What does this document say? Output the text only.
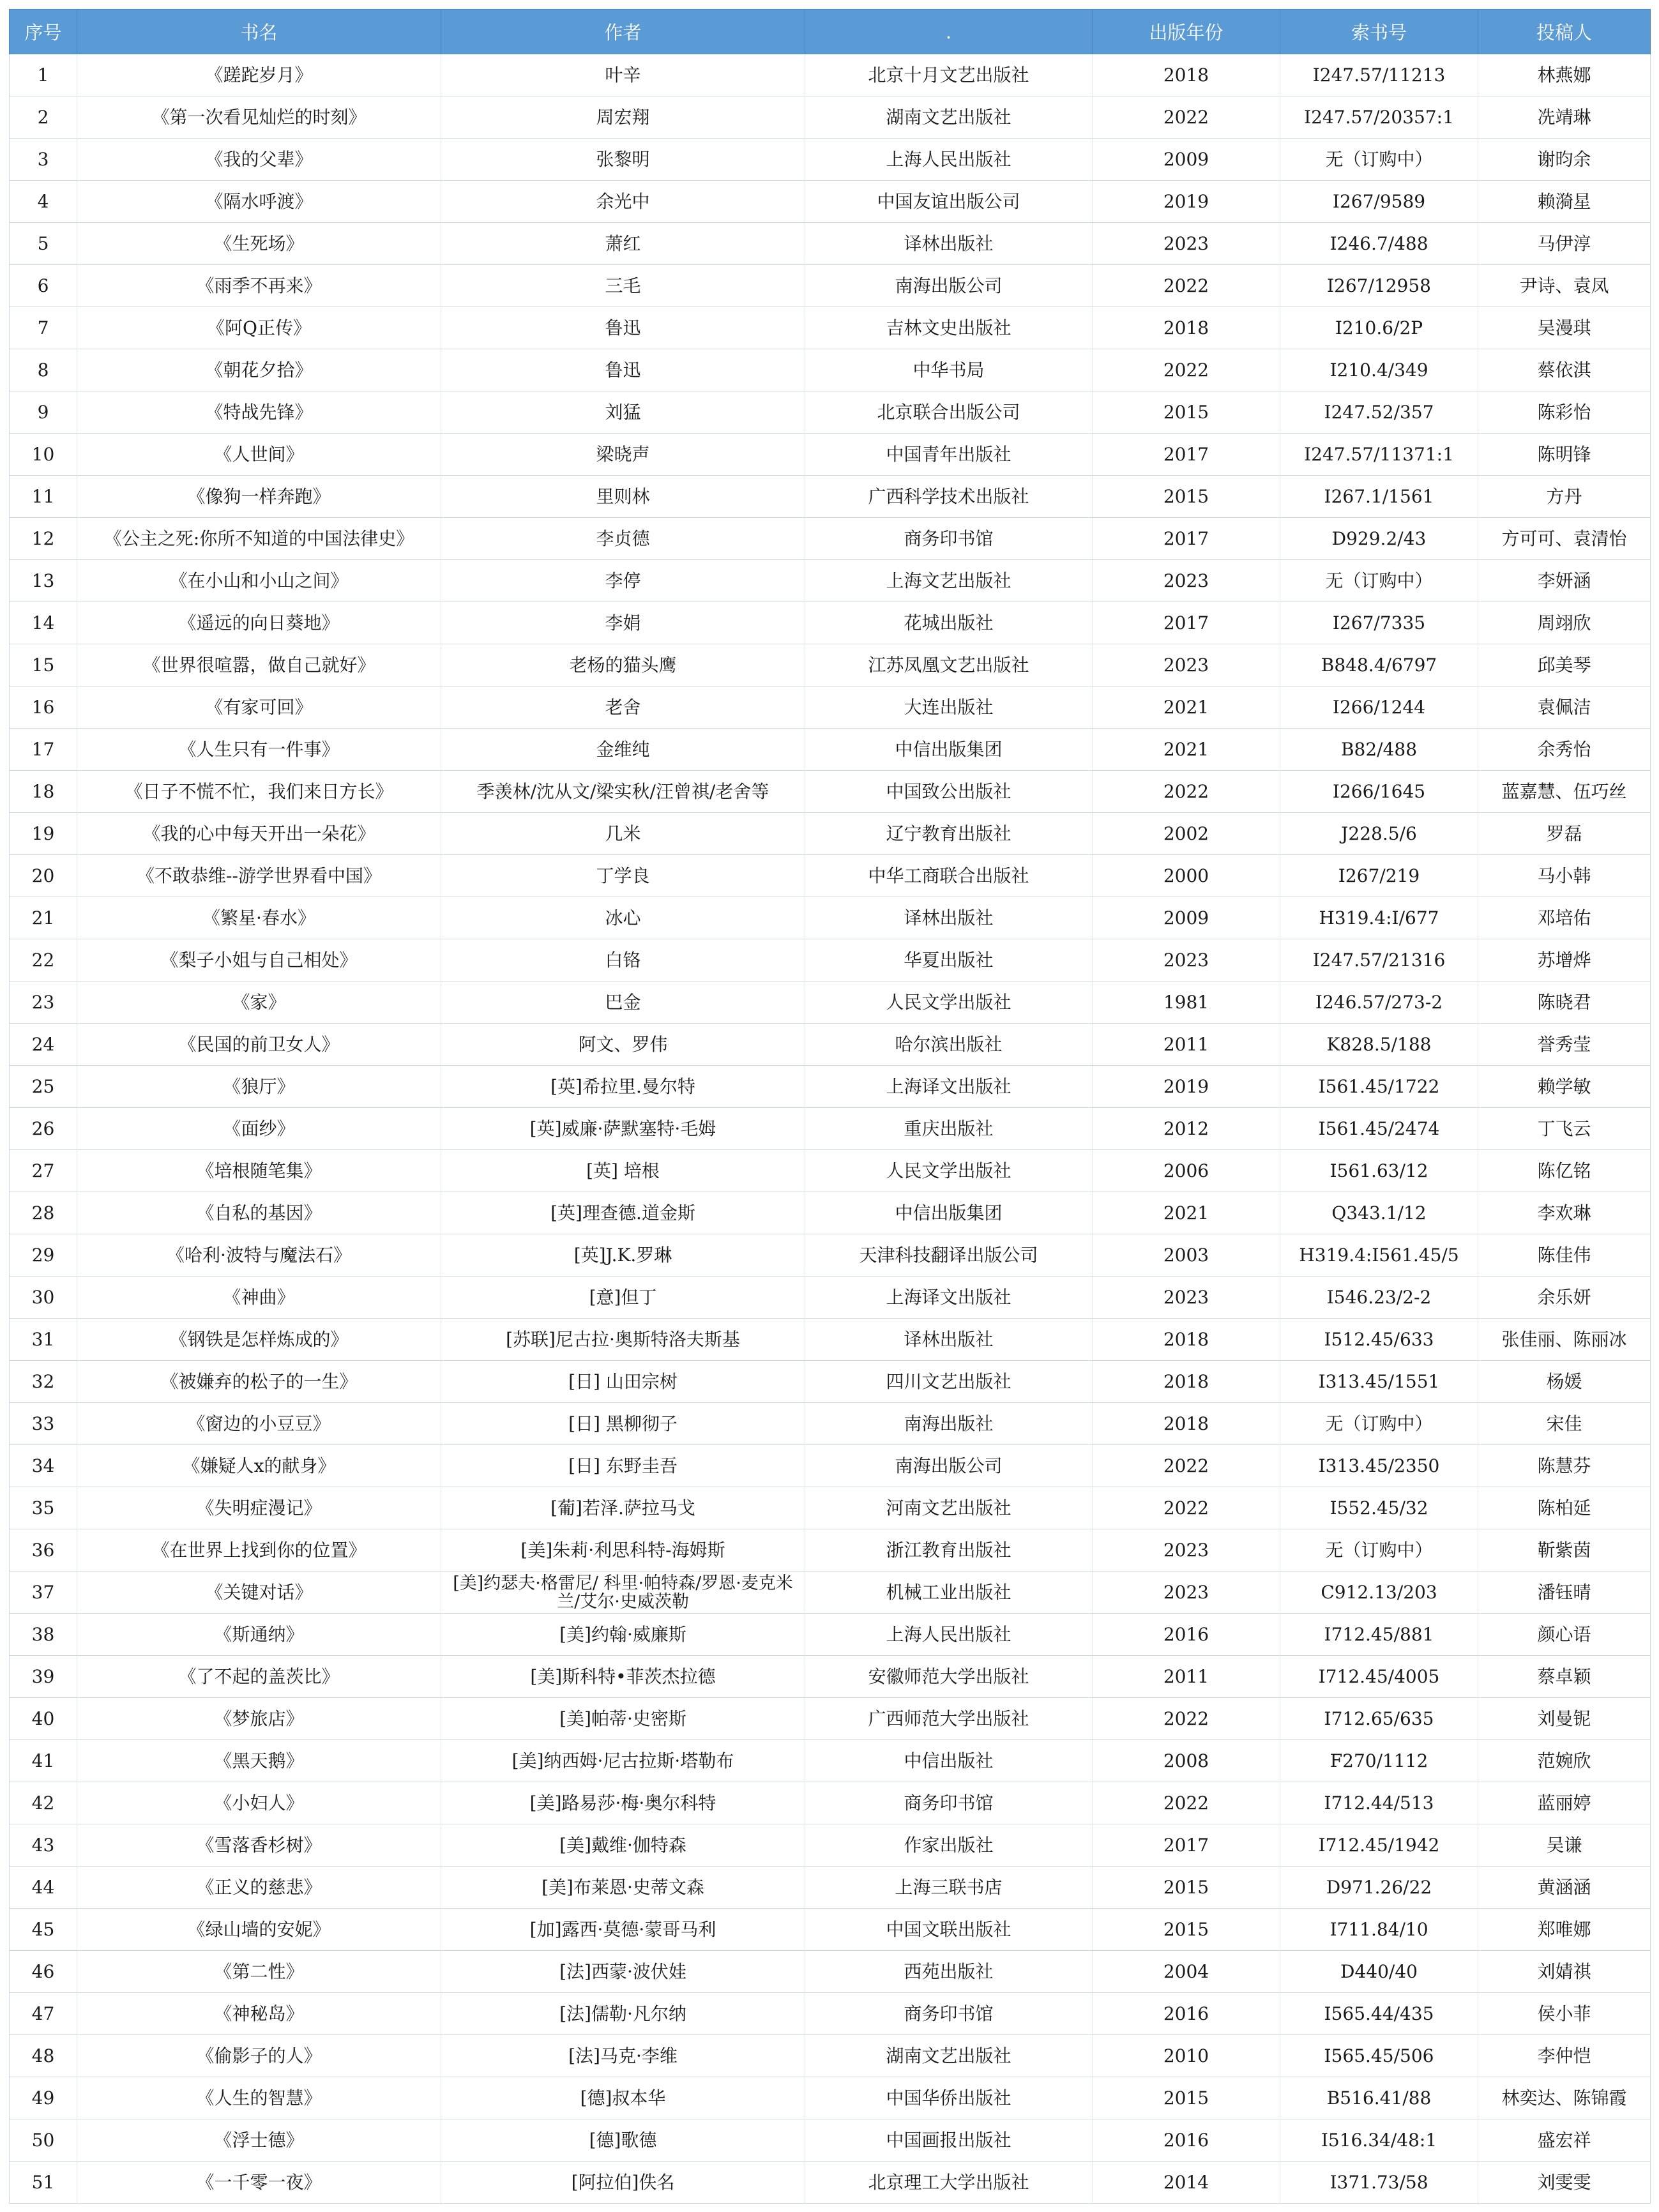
序号	书名	作者	.	出版年份	索书号	投稿人
1	《蹉跎岁月》	叶辛	北京十月文艺出版社	2018	I247.57/11213	林燕娜
2	《第一次看见灿烂的时刻》	周宏翔	湖南文艺出版社	2022	I247.57/20357:1	冼靖琳
3	《我的父辈》	张黎明	上海人民出版社	2009	无（订购中）	谢昀余
4	《隔水呼渡》	余光中	中国友谊出版公司	2019	I267/9589	赖漪星
5	《生死场》	萧红	译林出版社	2023	I246.7/488	马伊淳
6	《雨季不再来》	三毛	南海出版公司	2022	I267/12958	尹诗、袁凤
7	《阿Q正传》	鲁迅	吉林文史出版社	2018	I210.6/2P	吴漫琪
8	《朝花夕拾》	鲁迅	中华书局	2022	I210.4/349	蔡依淇
9	《特战先锋》	刘猛	北京联合出版公司	2015	I247.52/357	陈彩怡
10	《人世间》	梁晓声	中国青年出版社	2017	I247.57/11371:1	陈明锋
11	《像狗一样奔跑》	里则林	广西科学技术出版社	2015	I267.1/1561	方丹
12	《公主之死:你所不知道的中国法律史》	李贞德	商务印书馆	2017	D929.2/43	方可可、袁清怡
13	《在小山和小山之间》	李停	上海文艺出版社	2023	无（订购中）	李妍涵
14	《遥远的向日葵地》	李娟	花城出版社	2017	I267/7335	周翊欣
15	《世界很喧嚣，做自己就好》	老杨的猫头鹰	江苏凤凰文艺出版社	2023	B848.4/6797	邱美琴
16	《有家可回》	老舍	大连出版社	2021	I266/1244	袁佩洁
17	《人生只有一件事》	金维纯	中信出版集团	2021	B82/488	余秀怡
18	《日子不慌不忙，我们来日方长》	季羡林/沈从文/梁实秋/汪曾祺/老舍等	中国致公出版社	2022	I266/1645	蓝嘉慧、伍巧丝
19	《我的心中每天开出一朵花》	几米	辽宁教育出版社	2002	J228.5/6	罗磊
20	《不敢恭维--游学世界看中国》	丁学良	中华工商联合出版社	2000	I267/219	马小韩
21	《繁星·春水》	冰心	译林出版社	2009	H319.4:I/677	邓培佑
22	《梨子小姐与自己相处》	白铬	华夏出版社	2023	I247.57/21316	苏增烨
23	《家》	巴金	人民文学出版社	1981	I246.57/273-2	陈晓君
24	《民国的前卫女人》	阿文、罗伟	哈尔滨出版社	2011	K828.5/188	誉秀莹
25	《狼厅》	[英]希拉里.曼尔特	上海译文出版社	2019	I561.45/1722	赖学敏
26	《面纱》	[英]威廉·萨默塞特·毛姆	重庆出版社	2012	I561.45/2474	丁飞云
27	《培根随笔集》	[英] 培根	人民文学出版社	2006	I561.63/12	陈亿铭
28	《自私的基因》	[英]理查德.道金斯	中信出版集团	2021	Q343.1/12	李欢琳
29	《哈利·波特与魔法石》	[英]J.K.罗琳	天津科技翻译出版公司	2003	H319.4:I561.45/5	陈佳伟
30	《神曲》	[意]但丁	上海译文出版社	2023	I546.23/2-2	余乐妍
31	《钢铁是怎样炼成的》	[苏联]尼古拉·奥斯特洛夫斯基	译林出版社	2018	I512.45/633	张佳丽、陈丽冰
32	《被嫌弃的松子的一生》	[日] 山田宗树	四川文艺出版社	2018	I313.45/1551	杨媛
33	《窗边的小豆豆》	[日] 黑柳彻子	南海出版社	2018	无（订购中）	宋佳
34	《嫌疑人x的献身》	[日] 东野圭吾	南海出版公司	2022	I313.45/2350	陈慧芬
35	《失明症漫记》	[葡]若泽.萨拉马戈	河南文艺出版社	2022	I552.45/32	陈柏延
36	《在世界上找到你的位置》	[美]朱莉·利思科特-海姆斯	浙江教育出版社	2023	无（订购中）	靳紫茵
37	《关键对话》	[美]约瑟夫·格雷尼/ 科里·帕特森/罗恩·麦克米兰/艾尔·史威茨勒	机械工业出版社	2023	C912.13/203	潘钰晴
38	《斯通纳》	[美]约翰·威廉斯	上海人民出版社	2016	I712.45/881	颜心语
39	《了不起的盖茨比》	[美]斯科特•菲茨杰拉德	安徽师范大学出版社	2011	I712.45/4005	蔡卓颖
40	《梦旅店》	[美]帕蒂·史密斯	广西师范大学出版社	2022	I712.65/635	刘曼铌
41	《黑天鹅》	[美]纳西姆·尼古拉斯·塔勒布	中信出版社	2008	F270/1112	范婉欣
42	《小妇人》	[美]路易莎·梅·奥尔科特	商务印书馆	2022	I712.44/513	蓝丽婷
43	《雪落香杉树》	[美]戴维·伽特森	作家出版社	2017	I712.45/1942	吴谦
44	《正义的慈悲》	[美]布莱恩·史蒂文森	上海三联书店	2015	D971.26/22	黄涵涵
45	《绿山墙的安妮》	[加]露西·莫德·蒙哥马利	中国文联出版社	2015	I711.84/10	郑唯娜
46	《第二性》	[法]西蒙·波伏娃	西苑出版社	2004	D440/40	刘婧祺
47	《神秘岛》	[法]儒勒·凡尔纳	商务印书馆	2016	I565.44/435	侯小菲
48	《偷影子的人》	[法]马克·李维	湖南文艺出版社	2010	I565.45/506	李仲恺
49	《人生的智慧》	[德]叔本华	中国华侨出版社	2015	B516.41/88	林奕达、陈锦霞
50	《浮士德》	[德]歌德	中国画报出版社	2016	I516.34/48:1	盛宏祥
51	《一千零一夜》	[阿拉伯]佚名	北京理工大学出版社	2014	I371.73/58	刘雯雯
